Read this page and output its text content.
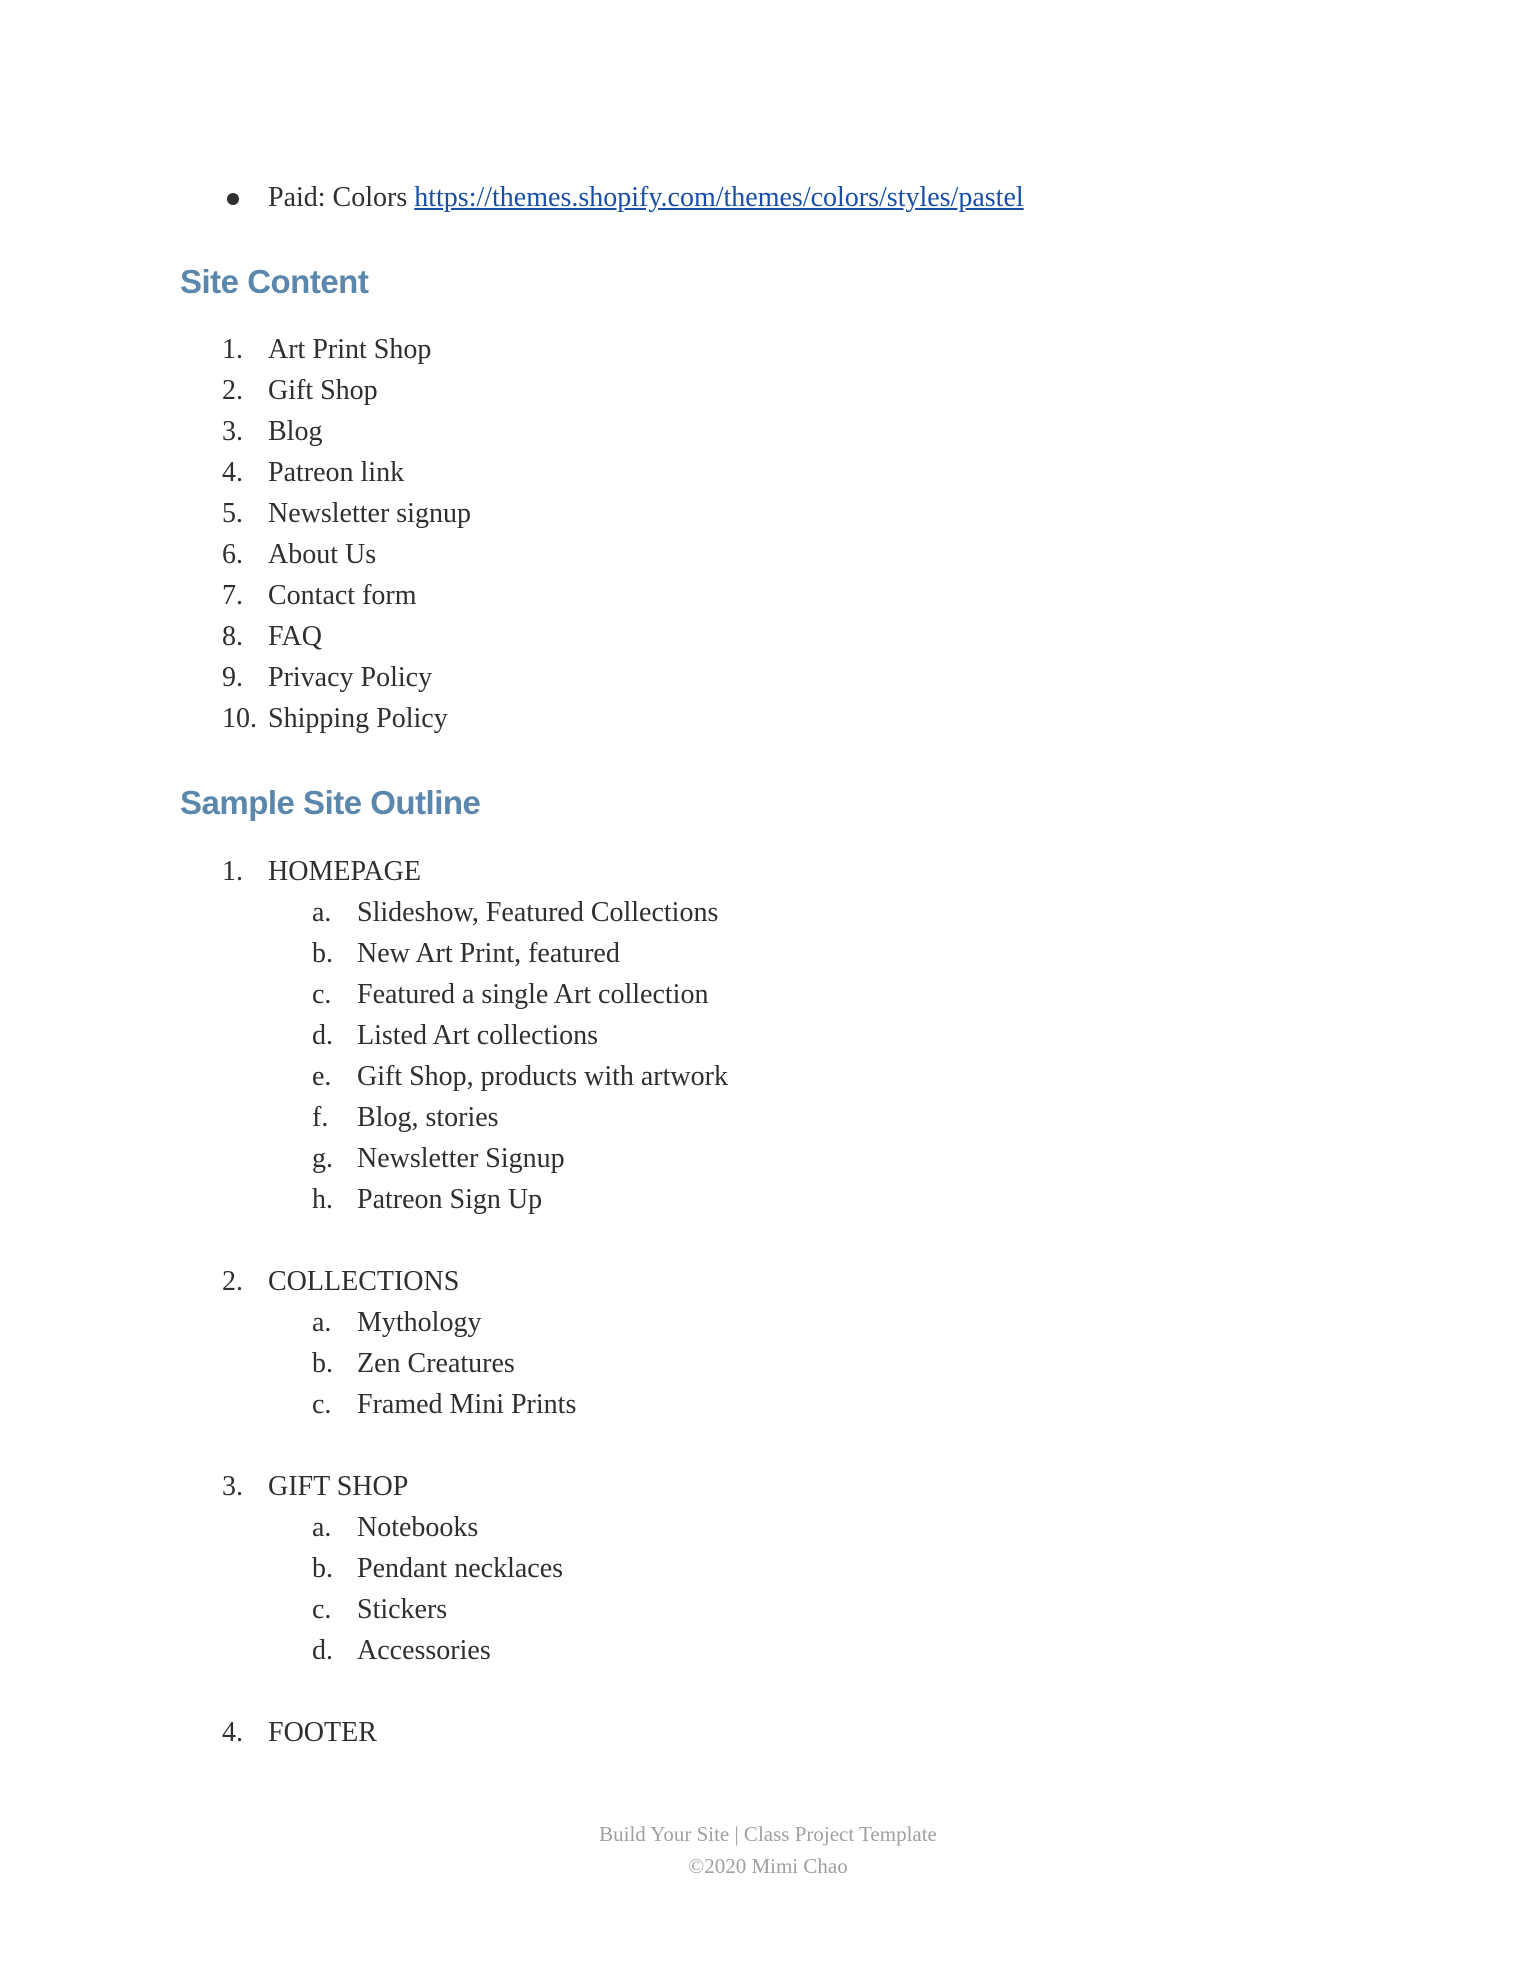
Paid: Colors https://themes.shopify.com/themes/colors/styles/pastel
Site Content
1. Art Print Shop
2. Gift Shop
3. Blog
4. Patreon link
5. Newsletter signup
6. About Us
7. Contact form
8. FAQ
9. Privacy Policy
10. Shipping Policy
Sample Site Outline
1. HOMEPAGE
a. Slideshow, Featured Collections
b. New Art Print, featured
c. Featured a single Art collection
d. Listed Art collections
e. Gift Shop, products with artwork
f. Blog, stories
g. Newsletter Signup
h. Patreon Sign Up
2. COLLECTIONS
a. Mythology
b. Zen Creatures
c. Framed Mini Prints
3. GIFT SHOP
a. Notebooks
b. Pendant necklaces
c. Stickers
d. Accessories
4. FOOTER
Build Your Site | Class Project Template
©2020 Mimi Chao
